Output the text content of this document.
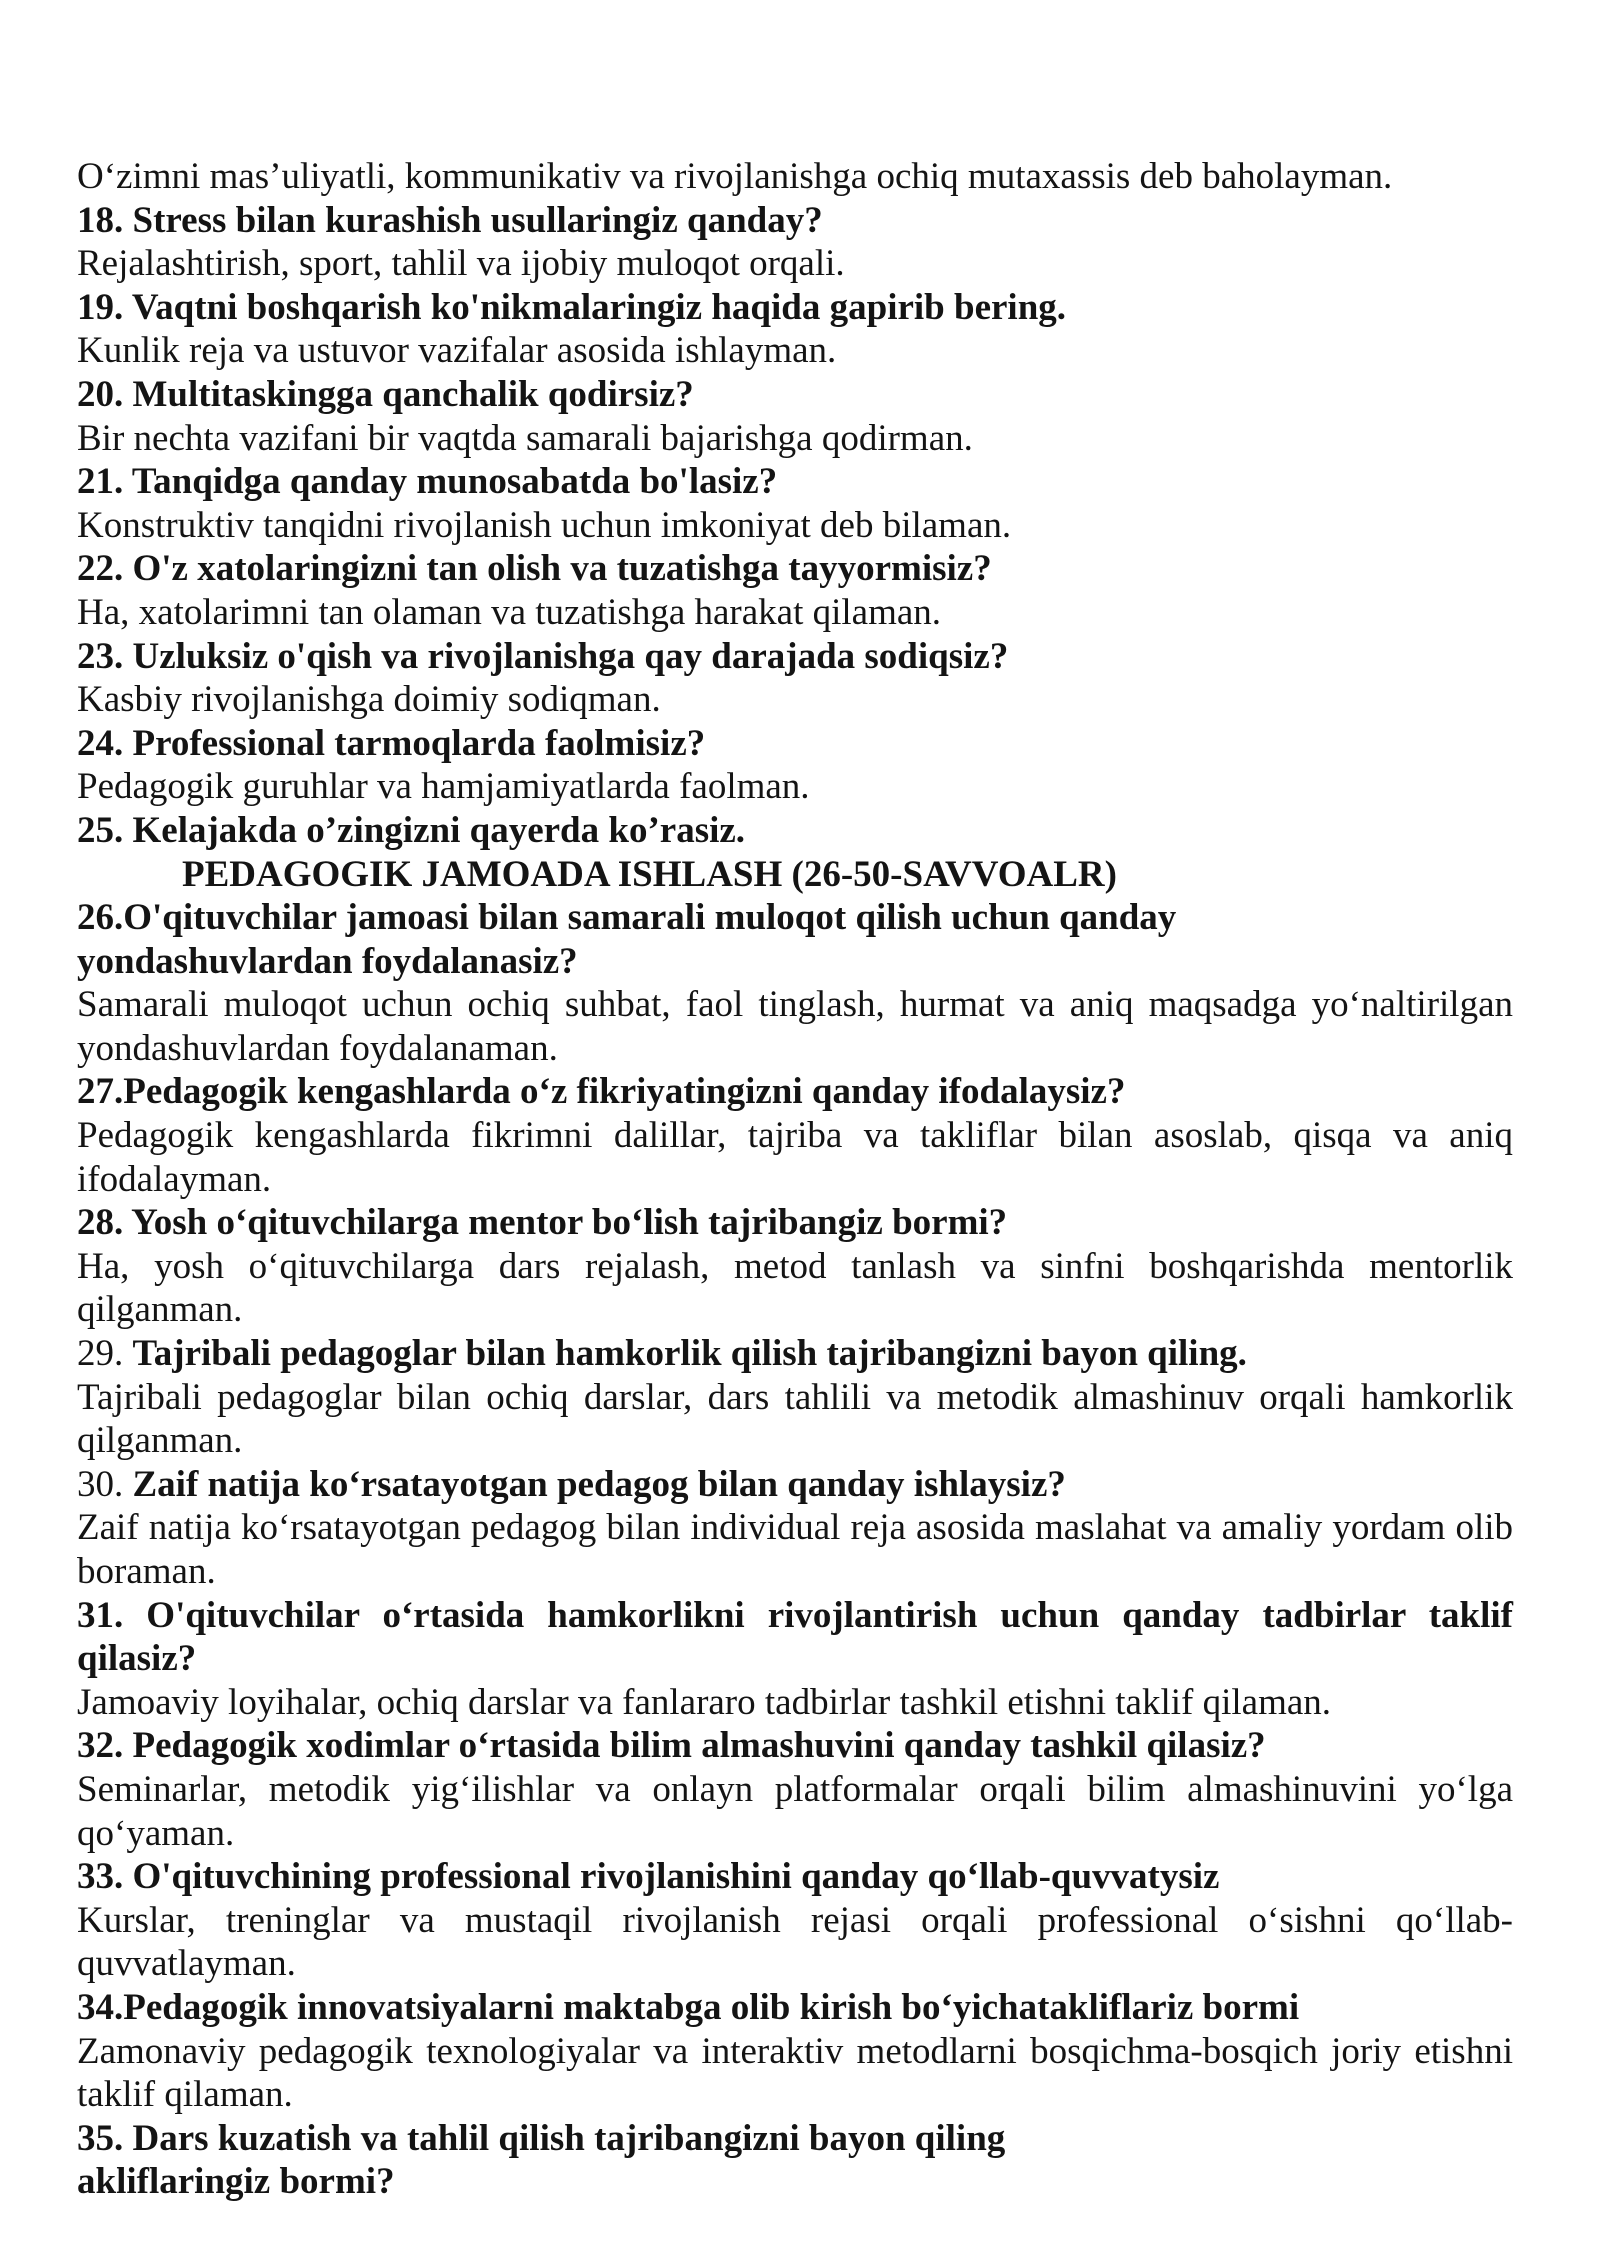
O‘zimni mas’uliyatli, kommunikativ va rivojlanishga ochiq mutaxassis deb baholayman.
18. Stress bilan kurashish usullaringiz qanday?
Rejalashtirish, sport, tahlil va ijobiy muloqot orqali.
19. Vaqtni boshqarish ko'nikmalaringiz haqida gapirib bering.
Kunlik reja va ustuvor vazifalar asosida ishlayman.
20. Multitaskingga qanchalik qodirsiz?
Bir nechta vazifani bir vaqtda samarali bajarishga qodirman.
21. Tanqidga qanday munosabatda bo'lasiz?
Konstruktiv tanqidni rivojlanish uchun imkoniyat deb bilaman.
22. O'z xatolaringizni tan olish va tuzatishga tayyormisiz?
Ha, xatolarimni tan olaman va tuzatishga harakat qilaman.
23. Uzluksiz o'qish va rivojlanishga qay darajada sodiqsiz?
Kasbiy rivojlanishga doimiy sodiqman.
24. Professional tarmoqlarda faolmisiz?
Pedagogik guruhlar va hamjamiyatlarda faolman.
25. Kelajakda o’zingizni qayerda ko’rasiz.
PEDAGOGIK JAMOADA ISHLASH (26-50-SAVVOALR)
26.O'qituvchilar jamoasi bilan samarali muloqot qilish uchun qanday
yondashuvlardan foydalanasiz?
Samarali muloqot uchun ochiq suhbat, faol tinglash, hurmat va aniq maqsadga yo‘naltirilgan
yondashuvlardan foydalanaman.
27.Pedagogik kengashlarda o‘z fikriyatingizni qanday ifodalaysiz?
Pedagogik kengashlarda fikrimni dalillar, tajriba va takliflar bilan asoslab, qisqa va aniq
ifodalayman.
28. Yosh o‘qituvchilarga mentor bo‘lish tajribangiz bormi?
Ha, yosh o‘qituvchilarga dars rejalash, metod tanlash va sinfni boshqarishda mentorlik
qilganman.
29. Tajribali pedagoglar bilan hamkorlik qilish tajribangizni bayon qiling.
Tajribali pedagoglar bilan ochiq darslar, dars tahlili va metodik almashinuv orqali hamkorlik
qilganman.
30. Zaif natija ko‘rsatayotgan pedagog bilan qanday ishlaysiz?
Zaif natija ko‘rsatayotgan pedagog bilan individual reja asosida maslahat va amaliy yordam olib
boraman.
31. O'qituvchilar o‘rtasida hamkorlikni rivojlantirish uchun qanday tadbirlar taklif
qilasiz?
Jamoaviy loyihalar, ochiq darslar va fanlararo tadbirlar tashkil etishni taklif qilaman.
32. Pedagogik xodimlar o‘rtasida bilim almashuvini qanday tashkil qilasiz?
Seminarlar, metodik yig‘ilishlar va onlayn platformalar orqali bilim almashinuvini yo‘lga
qo‘yaman.
33. O'qituvchining professional rivojlanishini qanday qo‘llab-quvvatysiz
Kurslar, treninglar va mustaqil rivojlanish rejasi orqali professional o‘sishni qo‘llab-
quvvatlayman.
34.Pedagogik innovatsiyalarni maktabga olib kirish bo‘yichatakliflariz bormi
Zamonaviy pedagogik texnologiyalar va interaktiv metodlarni bosqichma-bosqich joriy etishni
taklif qilaman.
35. Dars kuzatish va tahlil qilish tajribangizni bayon qiling
akliflaringiz bormi?
